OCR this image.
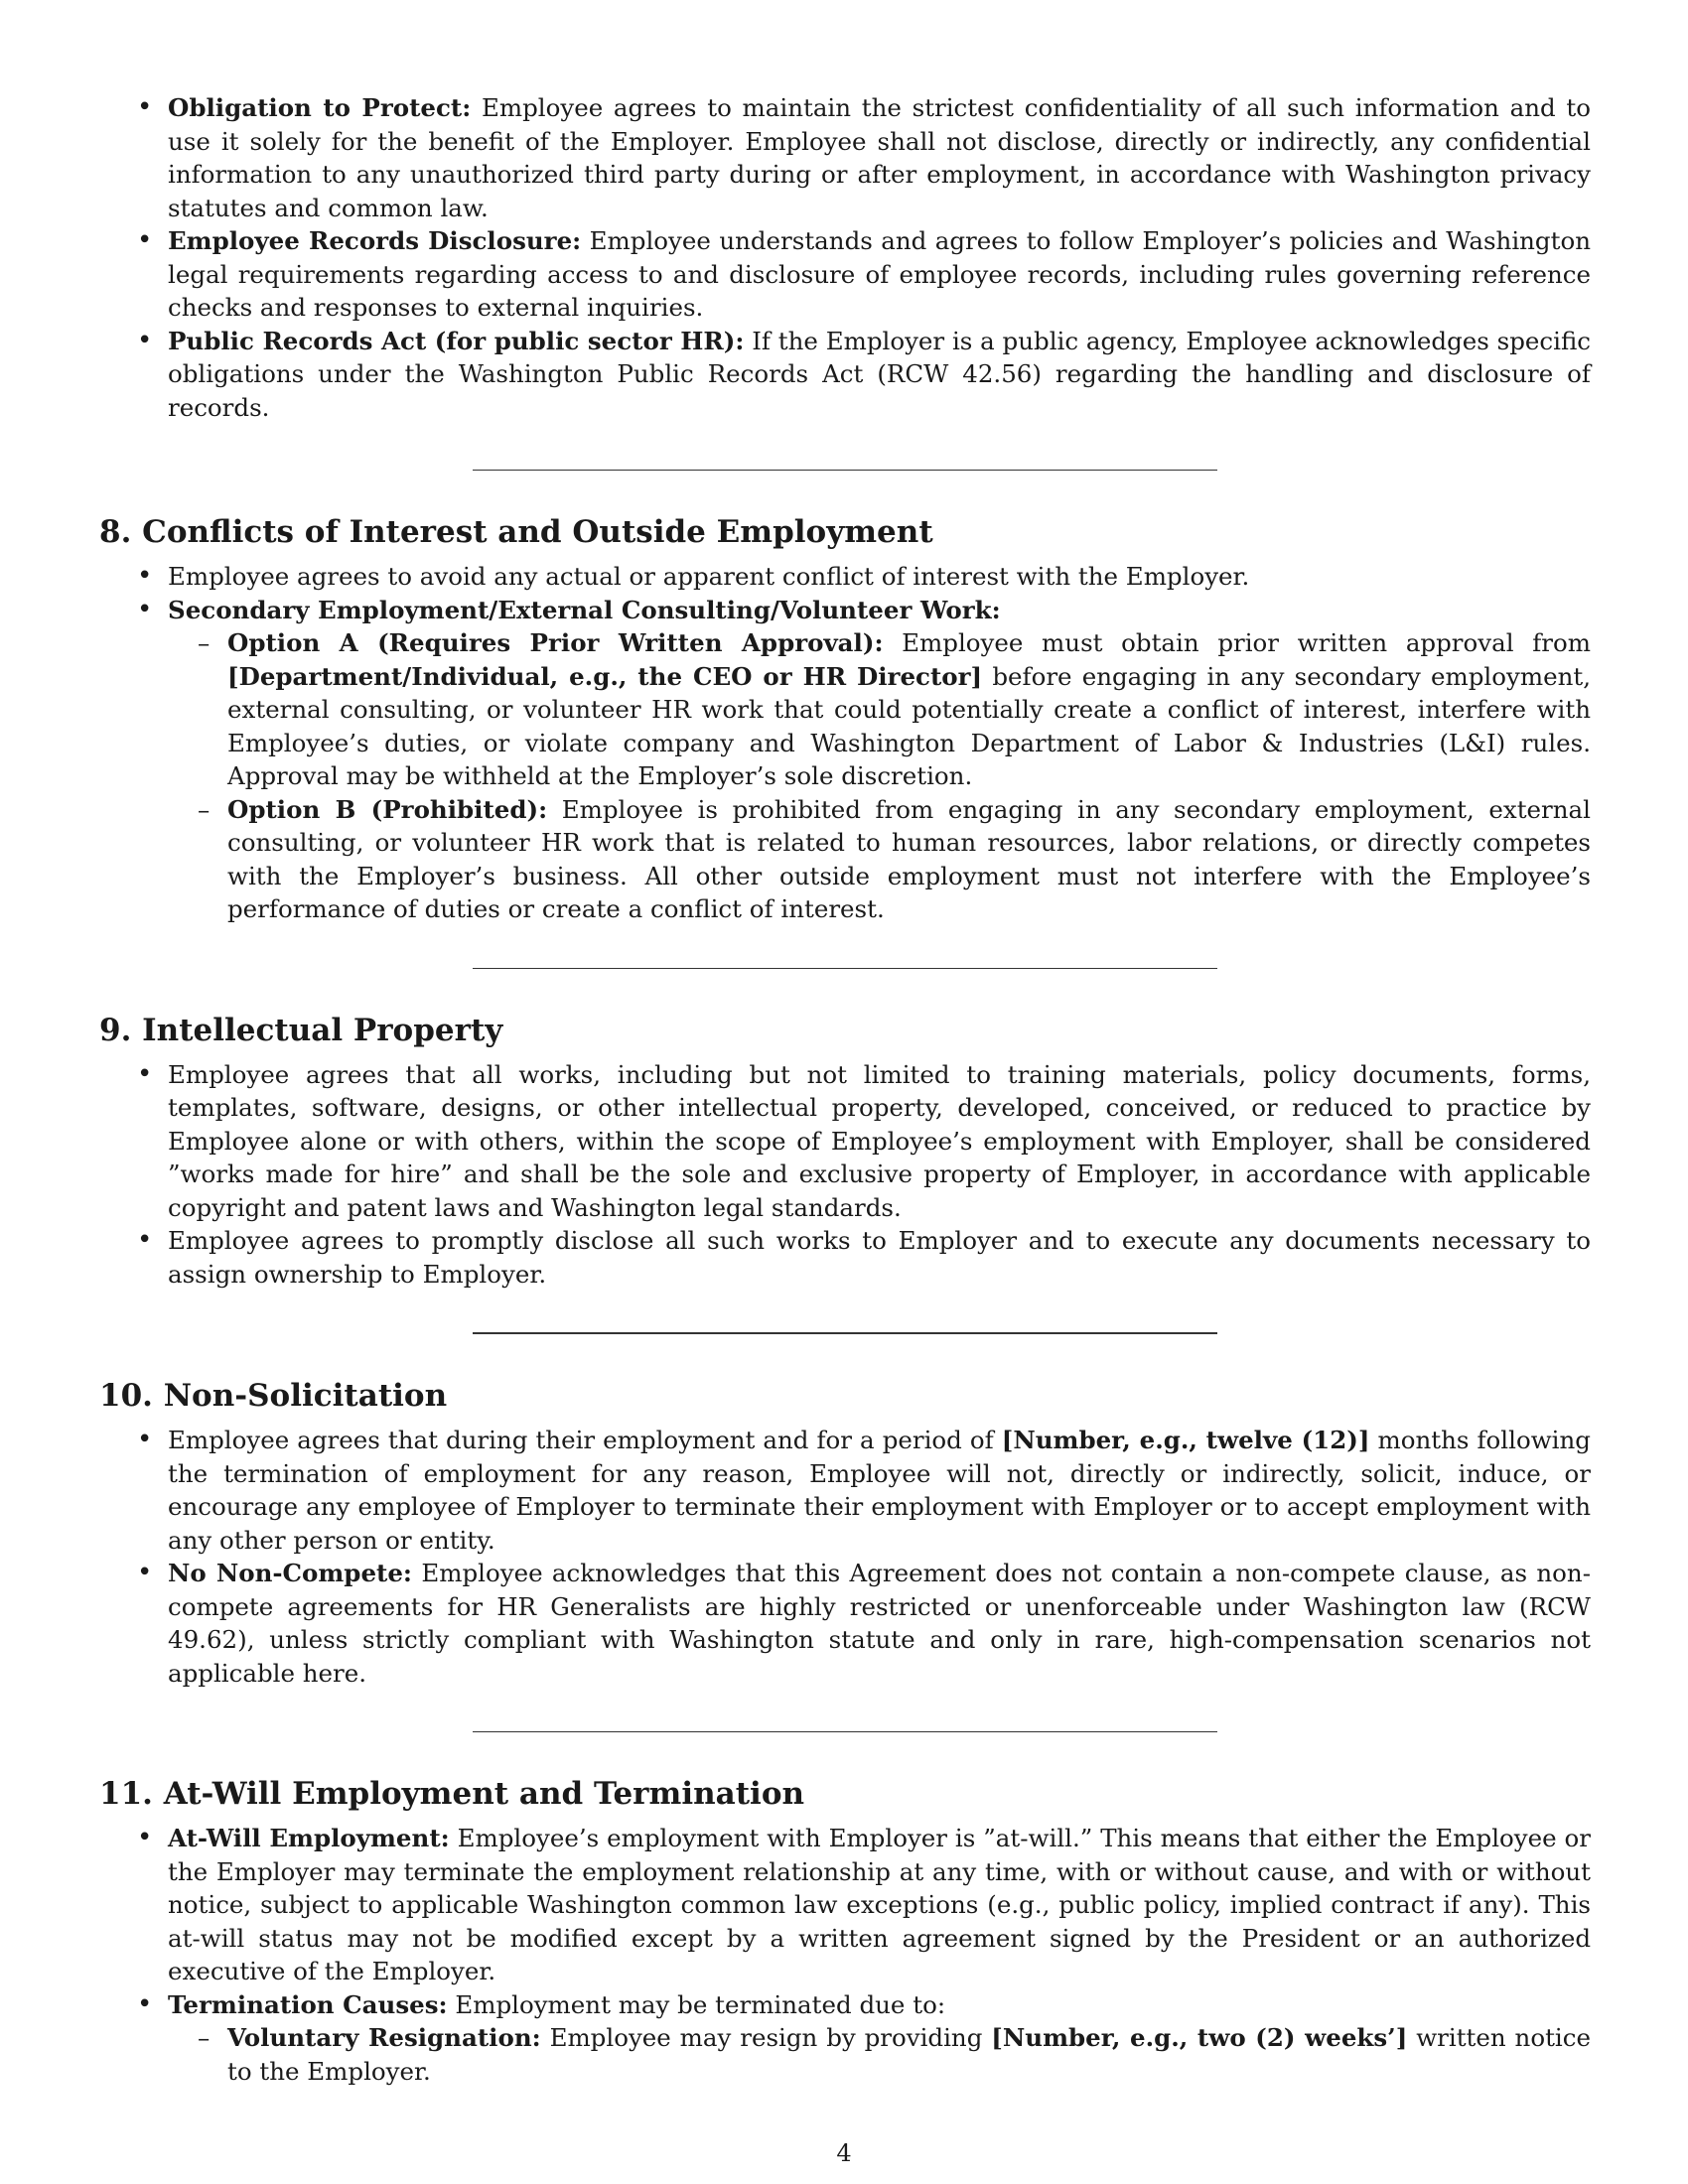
• Obligation to Protect: Employee agrees to maintain the strictest confidentiality of all such information and to use it solely for the benefit of the Employer. Employee shall not disclose, directly or indirectly, any confidential information to any unauthorized third party during or after employment, in accordance with Washington privacy statutes and common law.
• Employee Records Disclosure: Employee understands and agrees to follow Employer’s policies and Washington legal requirements regarding access to and disclosure of employee records, including rules governing reference checks and responses to external inquiries.
• Public Records Act (for public sector HR): If the Employer is a public agency, Employee acknowledges specific obligations under the Washington Public Records Act (RCW 42.56) regarding the handling and disclosure of records.
8. Conflicts of Interest and Outside Employment
• Employee agrees to avoid any actual or apparent conflict of interest with the Employer.
• Secondary Employment/External Consulting/Volunteer Work:
– Option A (Requires Prior Written Approval): Employee must obtain prior written approval from [Department/Individual, e.g., the CEO or HR Director] before engaging in any secondary employment, external consulting, or volunteer HR work that could potentially create a conflict of interest, interfere with Employee’s duties, or violate company and Washington Department of Labor & Industries (L&I) rules. Approval may be withheld at the Employer’s sole discretion.
– Option B (Prohibited): Employee is prohibited from engaging in any secondary employment, external consulting, or volunteer HR work that is related to human resources, labor relations, or directly competes with the Employer’s business. All other outside employment must not interfere with the Employee’s performance of duties or create a conflict of interest.
9. Intellectual Property
• Employee agrees that all works, including but not limited to training materials, policy documents, forms, templates, software, designs, or other intellectual property, developed, conceived, or reduced to practice by Employee alone or with others, within the scope of Employee’s employment with Employer, shall be considered ”works made for hire” and shall be the sole and exclusive property of Employer, in accordance with applicable copyright and patent laws and Washington legal standards.
• Employee agrees to promptly disclose all such works to Employer and to execute any documents necessary to assign ownership to Employer.
10. Non-Solicitation
• Employee agrees that during their employment and for a period of [Number, e.g., twelve (12)] months following the termination of employment for any reason, Employee will not, directly or indirectly, solicit, induce, or encourage any employee of Employer to terminate their employment with Employer or to accept employment with any other person or entity.
• No Non-Compete: Employee acknowledges that this Agreement does not contain a non-compete clause, as non-compete agreements for HR Generalists are highly restricted or unenforceable under Washington law (RCW 49.62), unless strictly compliant with Washington statute and only in rare, high-compensation scenarios not applicable here.
11. At-Will Employment and Termination
• At-Will Employment: Employee’s employment with Employer is ”at-will.” This means that either the Employee or the Employer may terminate the employment relationship at any time, with or without cause, and with or without notice, subject to applicable Washington common law exceptions (e.g., public policy, implied contract if any). This at-will status may not be modified except by a written agreement signed by the President or an authorized executive of the Employer.
• Termination Causes: Employment may be terminated due to:
– Voluntary Resignation: Employee may resign by providing [Number, e.g., two (2) weeks’] written notice to the Employer.
4
